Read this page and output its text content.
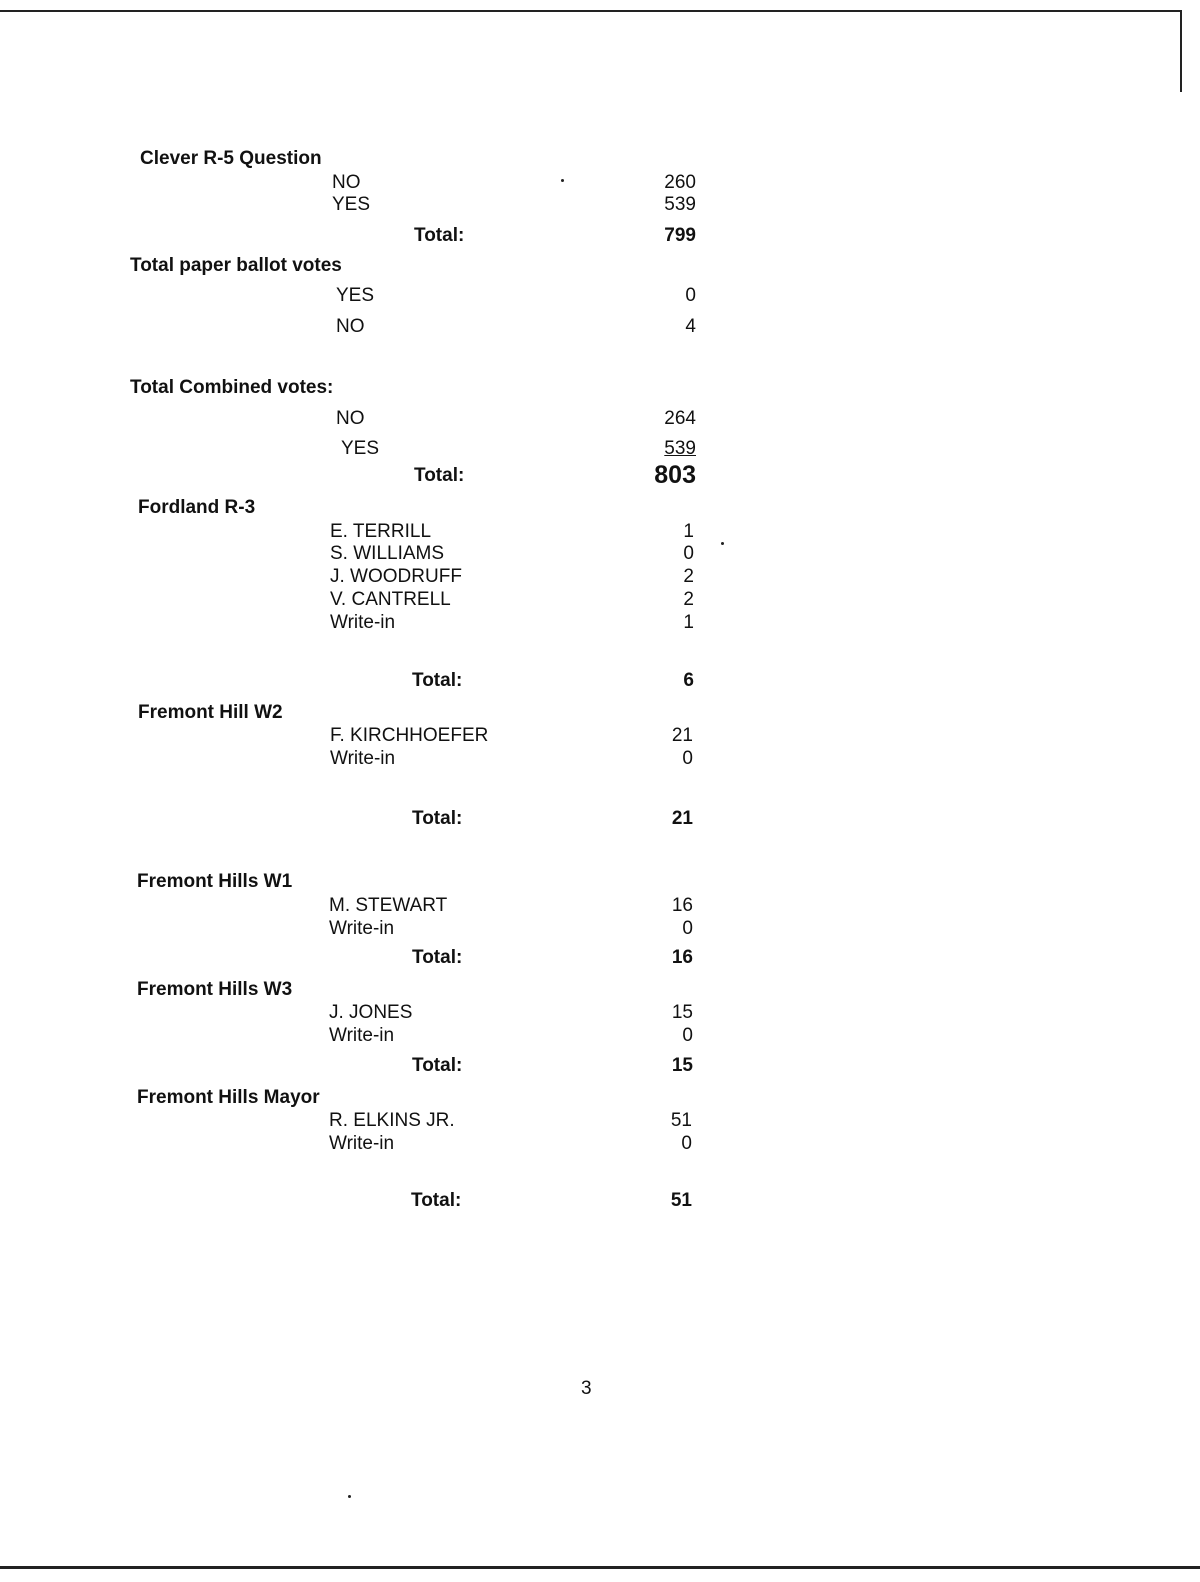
Clever R-5 Question
NO	260
YES	539
Total:	799
Total paper ballot votes
YES	0
NO	4
Total Combined votes:
NO	264
YES	539
Total:	803
Fordland R-3
E. TERRILL	1
S. WILLIAMS	0
J. WOODRUFF	2
V. CANTRELL	2
Write-in	1
Total:	6
Fremont Hill W2
F. KIRCHHOEFER	21
Write-in	0
Total:	21
Fremont Hills W1
M. STEWART	16
Write-in	0
Total:	16
Fremont Hills W3
J. JONES	15
Write-in	0
Total:	15
Fremont Hills Mayor
R. ELKINS JR.	51
Write-in	0
Total:	51
3
